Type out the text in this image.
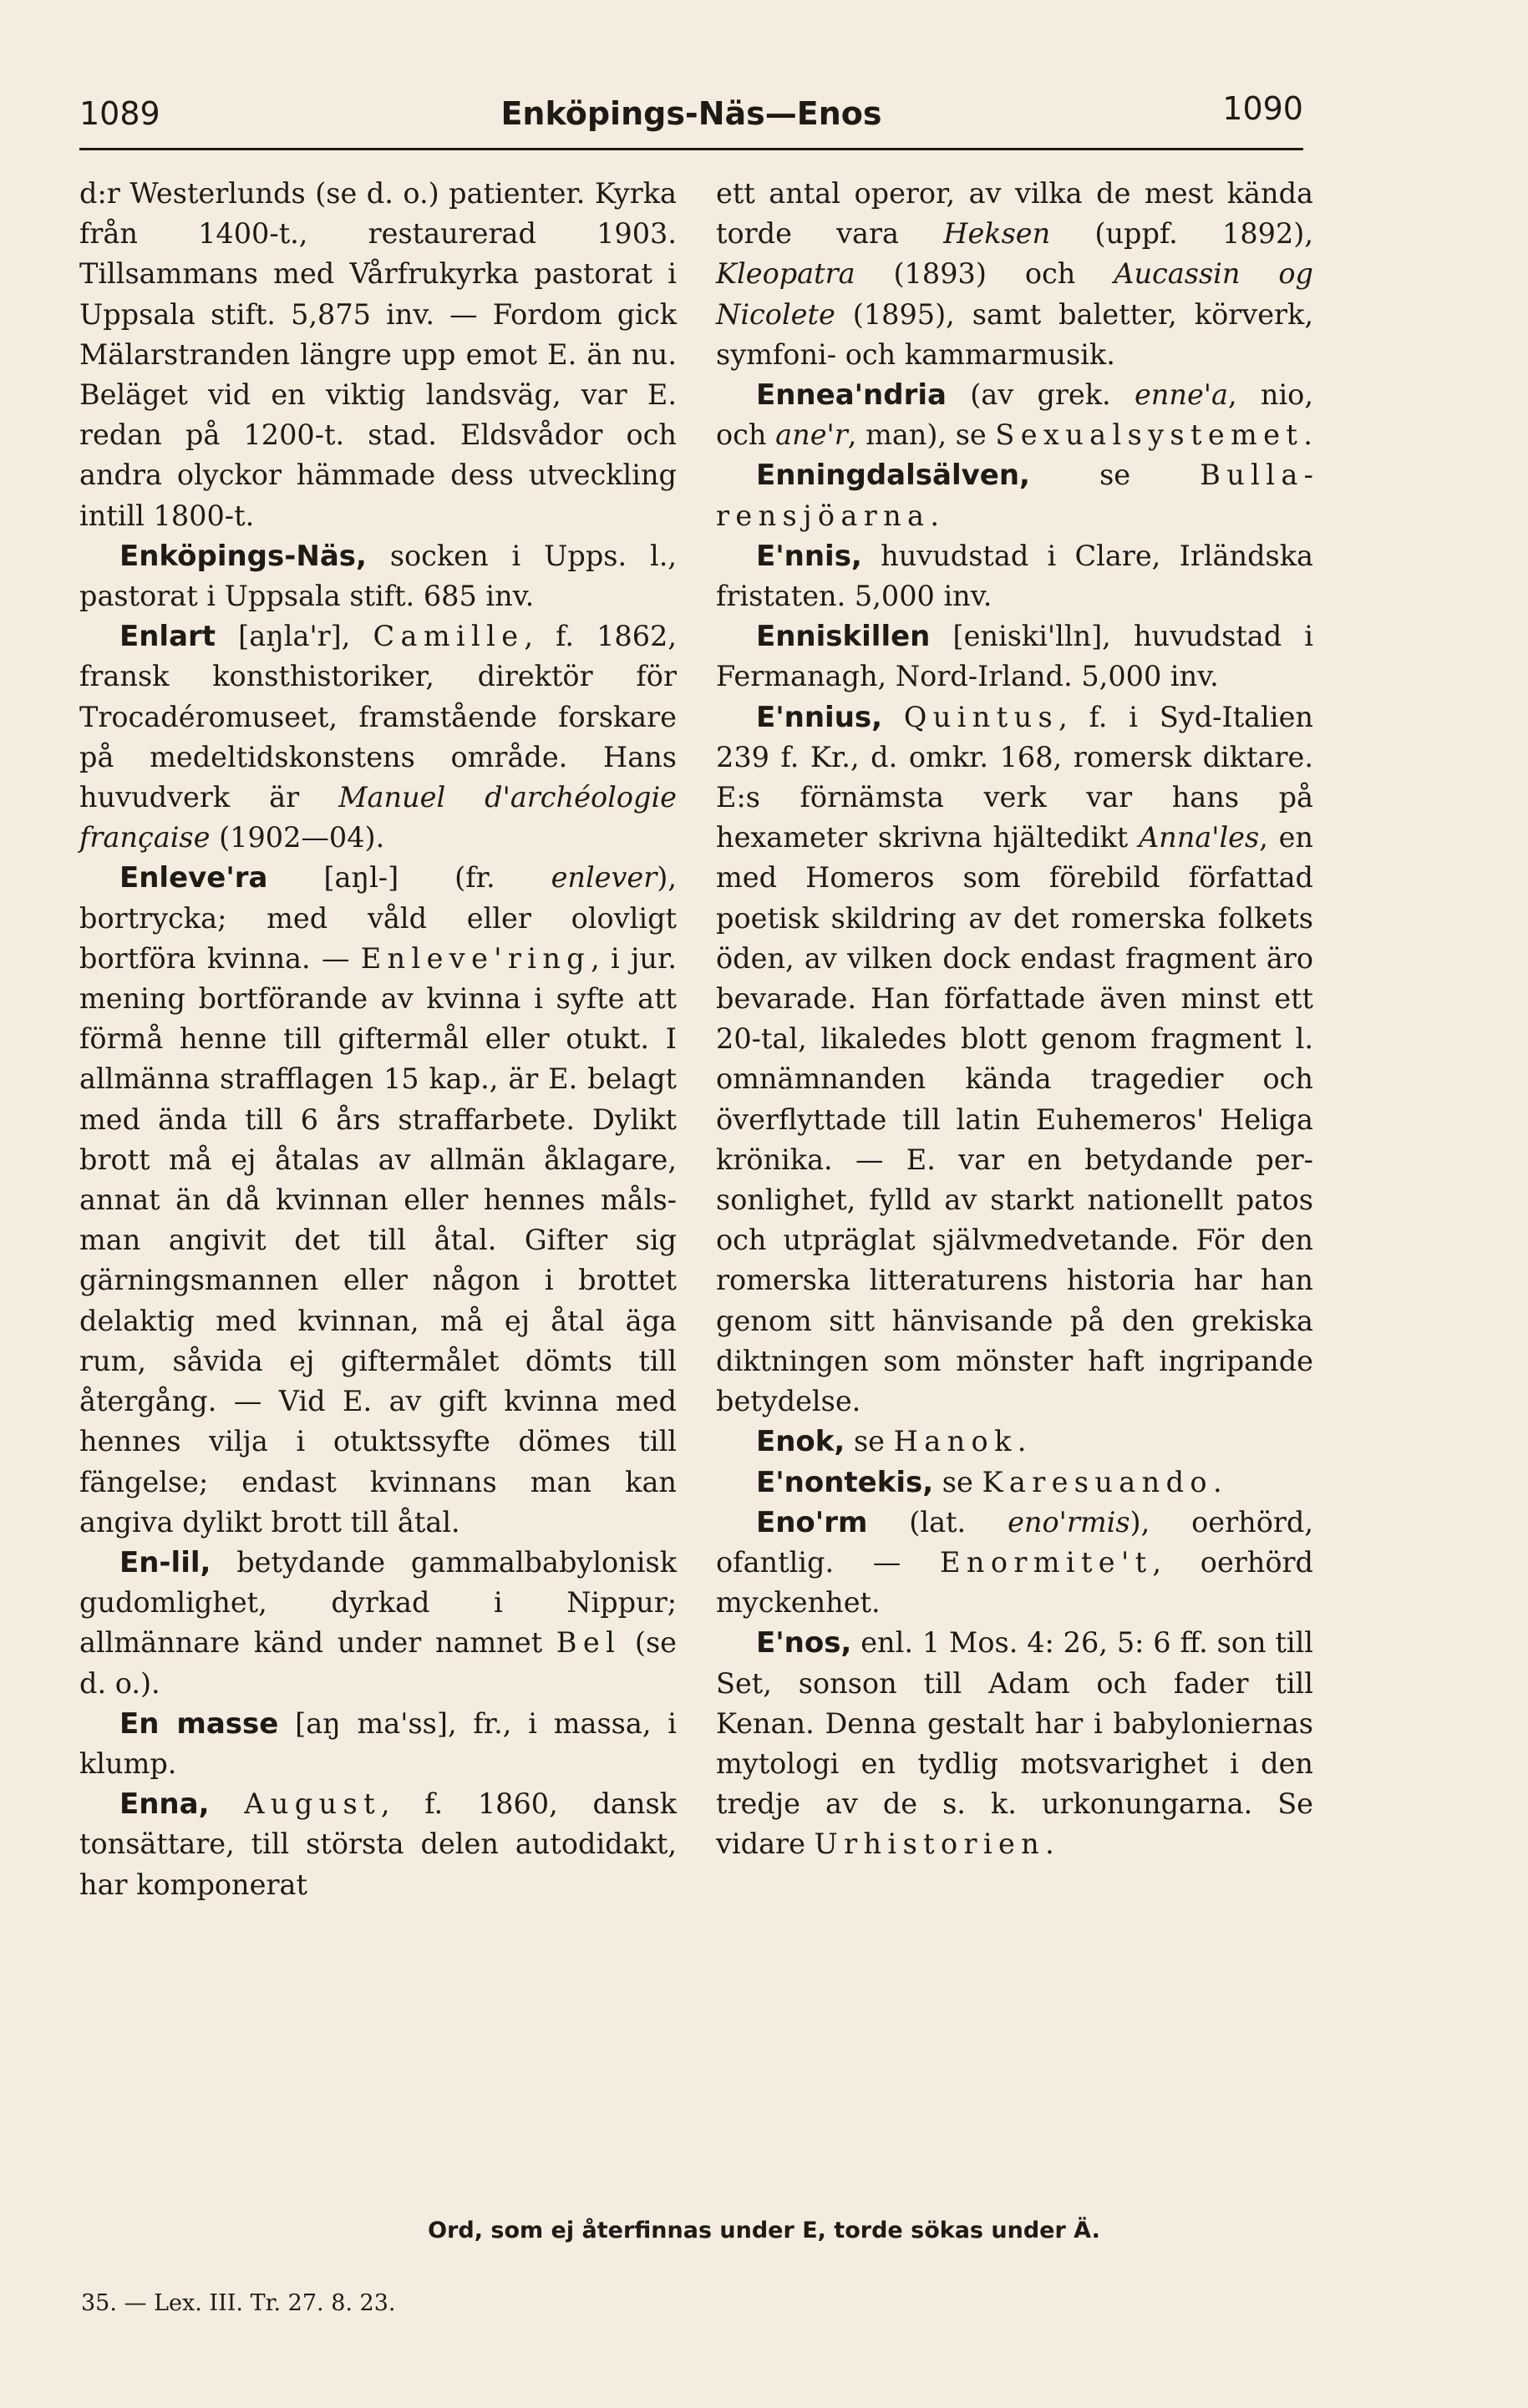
1089	Enköpings-Näs—Enos	1090

d:r Westerlunds (se d. o.) patienter. Kyrka från 1400-t., restaurerad 1903. Tillsammans med Vårfrukyrka pastorat i Uppsala stift. 5,875 inv. — Fordom gick Mälarstranden längre upp emot E. än nu. Beläget vid en viktig landsväg, var E. redan på 1200-t. stad. Eldsvådor och andra olyckor hämmade dess utveckling intill 1800-t.

Enköpings-Näs, socken i Upps. l., pastorat i Uppsala stift. 685 inv.

Enlart [aŋla'r], Camille, f. 1862, fransk konsthistoriker, direktör för Trocadéromuseet, framstående forskare på medeltidskonstens område. Hans huvudverk är Manuel d'archéologie française (1902—04).

Enleve'ra [aŋl-] (fr. enlever), bortrycka; med våld eller olovligt bortföra kvinna. — Enleve'ring, i jur. mening bortförande av kvinna i syfte att förmå henne till giftermål eller otukt. I allmänna strafflagen 15 kap., är E. belagt med ända till 6 års straffarbete. Dylikt brott må ej åtalas av allmän åklagare, annat än då kvinnan eller hennes målsman angivit det till åtal. Gifter sig gärningsmannen eller någon i brottet delaktig med kvinnan, må ej åtal äga rum, såvida ej giftermålet dömts till återgång. — Vid E. av gift kvinna med hennes vilja i otuktssyfte dömes till fängelse; endast kvinnans man kan angiva dylikt brott till åtal.

En-lil, betydande gammalbabylonisk gudomlighet, dyrkad i Nippur; allmännare känd under namnet Bel (se d. o.).

En masse [aŋ ma'ss], fr., i massa, i klump.

Enna, August, f. 1860, dansk tonsättare, till största delen autodidakt, har komponerat

ett antal operor, av vilka de mest kända torde vara Heksen (uppf. 1892), Kleopatra (1893) och Aucassin og Nicolete (1895), samt baletter, körverk, symfoni- och kammarmusik.

Ennea'ndria (av grek. enne'a, nio, och ane'r, man), se Sexualsystemet.

Enningdalsälven, se Bullarensjöarna.

E'nnis, huvudstad i Clare, Irländska fristaten. 5,000 inv.

Enniskillen [eniski'lln], huvudstad i Fermanagh, Nord-Irland. 5,000 inv.

E'nnius, Quintus, f. i Syd-Italien 239 f. Kr., d. omkr. 168, romersk diktare. E:s förnämsta verk var hans på hexameter skrivna hjältedikt Anna'les, en med Homeros som förebild författad poetisk skildring av det romerska folkets öden, av vilken dock endast fragment äro bevarade. Han författade även minst ett 20-tal, likaledes blott genom fragment l. omnämnanden kända tragedier och överflyttade till latin Euhemeros' Heliga krönika. — E. var en betydande personlighet, fylld av starkt nationellt patos och utpräglat självmedvetande. För den romerska litteraturens historia har han genom sitt hänvisande på den grekiska diktningen som mönster haft ingripande betydelse.

Enok, se Hanok.

E'nontekis, se Karesuando.

Eno'rm (lat. eno'rmis), oerhörd, ofantlig. — Enormite't, oerhörd myckenhet.

E'nos, enl. 1 Mos. 4: 26, 5: 6 ff. son till Set, sonson till Adam och fader till Kenan. Denna gestalt har i babyloniernas mytologi en tydlig motsvarighet i den tredje av de s. k. urkonungarna. Se vidare Urhistorien.

Ord, som ej återfinnas under E, torde sökas under Ä.
35. — Lex. III. Tr. 27. 8. 23.
